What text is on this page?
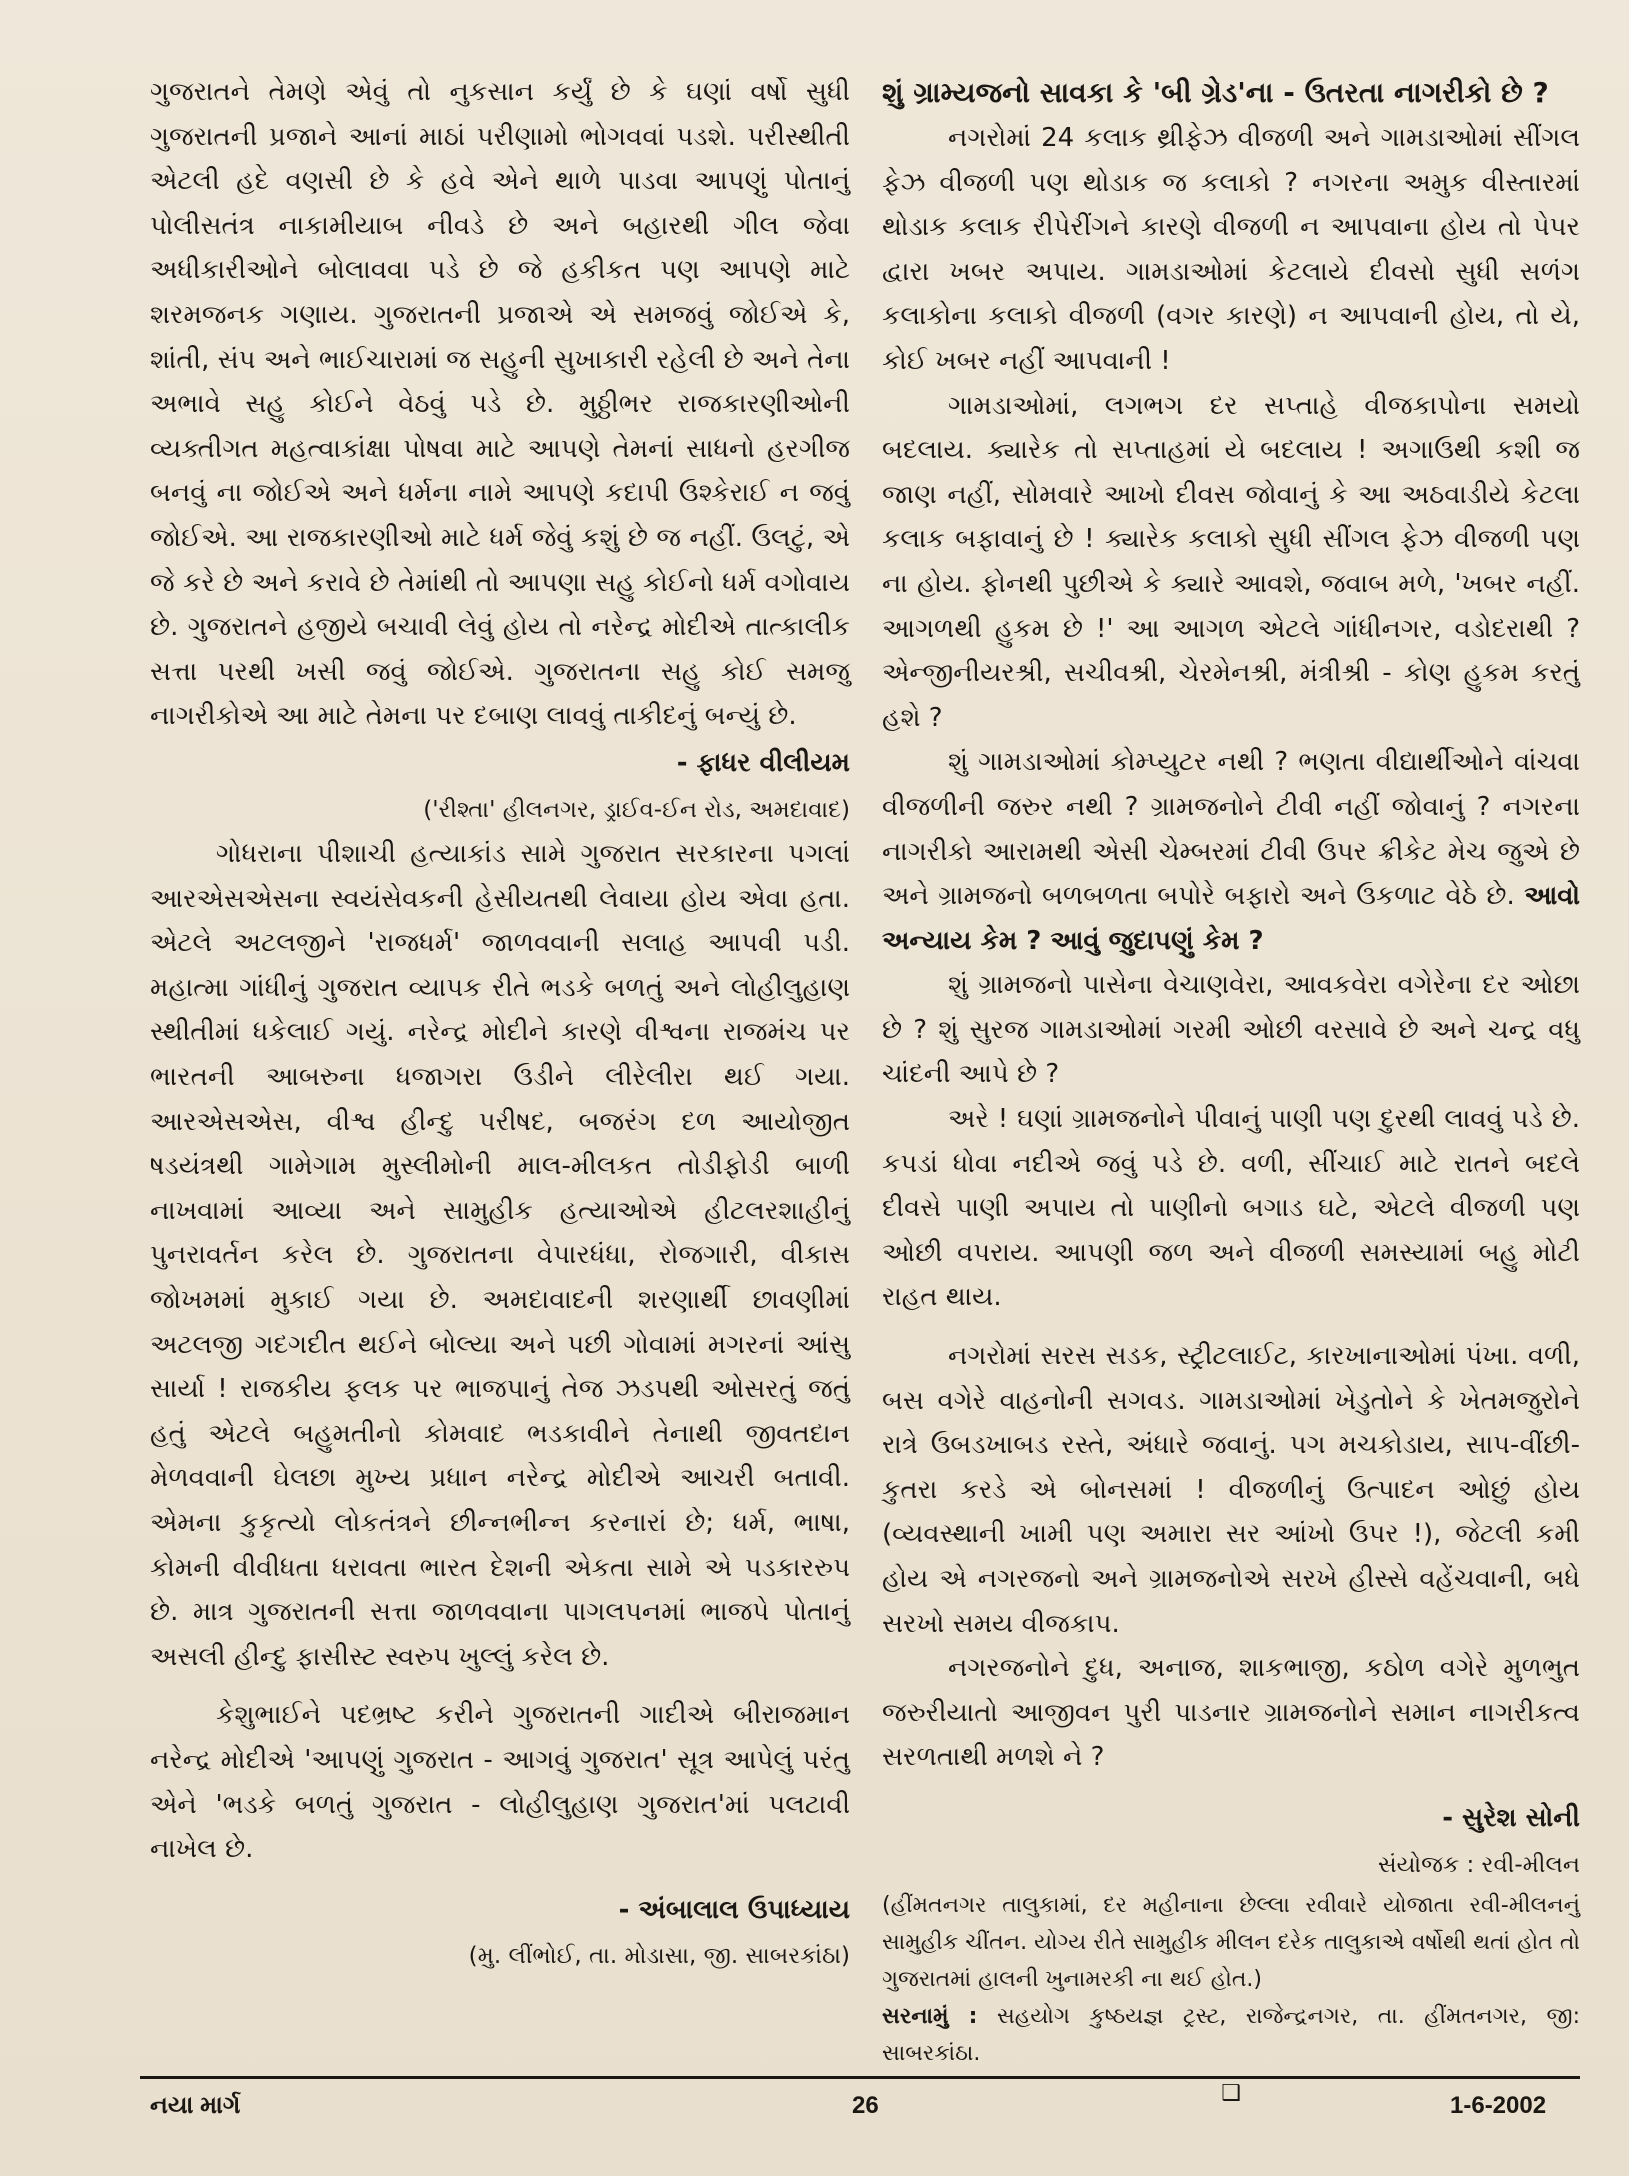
ગુજરાતને તેમણે એવું તો નુકસાન કર્યું છે કે ઘણાં વર્ષો સુધી ગુજરાતની પ્રજાને આનાં માઠાં પરીણામો ભોગવવાં પડશે. પરીસ્થીતી એટલી હદે વણસી છે કે હવે એને થાળે પાડવા આપણું પોતાનું પોલીસતંત્ર નાકામીયાબ નીવડે છે અને બહારથી ગીલ જેવા અધીકારીઓને બોલાવવા પડે છે જે હકીકત પણ આપણે માટે શરમજનક ગણાય. ગુજરાતની પ્રજાએ એ સમજવું જોઈએ કે, શાંતી, સંપ અને ભાઈચારામાં જ સહુની સુખાકારી રહેલી છે અને તેના અભાવે સહુ કોઈને વેઠવું પડે છે. મુઠ્ઠીભર રાજકારણીઓની વ્યક્તીગત મહત્વાકાંક્ષા પોષવા માટે આપણે તેમનાં સાધનો હરગીજ બનવું ના જોઈએ અને ધર્મના નામે આપણે કદાપી ઉશ્કેરાઈ ન જવું જોઈએ. આ રાજકારણીઓ માટે ધર્મ જેવું કશું છે જ નહીં. ઉલટું, એ જે કરે છે અને કરાવે છે તેમાંથી તો આપણા સહુ કોઈનો ધર્મ વગોવાય છે. ગુજરાતને હજીયે બચાવી લેવું હોય તો નરેન્દ્ર મોદીએ તાત્કાલીક સત્તા પરથી ખસી જવું જોઈએ. ગુજરાતના સહુ કોઈ સમજુ નાગરીકોએ આ માટે તેમના પર દબાણ લાવવું તાકીદનું બન્યું છે.

- ફાધર વીલીયમ
('રીશ્તા' હીલનગર, ડ્રાઈવ-ઈન રોડ, અમદાવાદ)

ગોધરાના પીશાચી હત્યાકાંડ સામે ગુજરાત સરકારના પગલાં આરએસએસના સ્વયંસેવકની હેસીયતથી લેવાયા હોય એવા હતા. એટલે અટલજીને 'રાજધર્મ' જાળવવાની સલાહ આપવી પડી. મહાત્મા ગાંધીનું ગુજરાત વ્યાપક રીતે ભડકે બળતું અને લોહીલુહાણ સ્થીતીમાં ધકેલાઈ ગયું. નરેન્દ્ર મોદીને કારણે વીશ્વના રાજમંચ પર ભારતની આબરુના ધજાગરા ઉડીને લીરેલીરા થઈ ગયા. આરએસએસ, વીશ્વ હીન્દુ પરીષદ, બજરંગ દળ આયોજીત ષડયંત્રથી ગામેગામ મુસ્લીમોની માલ-મીલકત તોડીફોડી બાળી નાખવામાં આવ્યા અને સામુહીક હત્યાઓએ હીટલરશાહીનું પુનરાવર્તન કરેલ છે. ગુજરાતના વેપારધંધા, રોજગારી, વીકાસ જોખમમાં મુકાઈ ગયા છે. અમદાવાદની શરણાર્થી છાવણીમાં અટલજી ગદગદીત થઈને બોલ્યા અને પછી ગોવામાં મગરનાં આંસુ સાર્યા ! રાજકીય ફલક પર ભાજપાનું તેજ ઝડપથી ઓસરતું જતું હતું એટલે બહુમતીનો કોમવાદ ભડકાવીને તેનાથી જીવતદાન મેળવવાની ઘેલછા મુખ્ય પ્રધાન નરેન્દ્ર મોદીએ આચરી બતાવી. એમના કુકૃત્યો લોકતંત્રને છીન્નભીન્ન કરનારાં છે; ધર્મ, ભાષા, કોમની વીવીધતા ધરાવતા ભારત દેશની એકતા સામે એ પડકારરુપ છે. માત્ર ગુજરાતની સત્તા જાળવવાના પાગલપનમાં ભાજપે પોતાનું અસલી હીન્દુ ફાસીસ્ટ સ્વરુપ ખુલ્લું કરેલ છે.

કેશુભાઈને પદભ્રષ્ટ કરીને ગુજરાતની ગાદીએ બીરાજમાન નરેન્દ્ર મોદીએ 'આપણું ગુજરાત - આગવું ગુજરાત' સૂત્ર આપેલું પરંતુ એને 'ભડકે બળતું ગુજરાત - લોહીલુહાણ ગુજરાત'માં પલટાવી નાખેલ છે.

- અંબાલાલ ઉપાધ્યાય
(મુ. લીંભોઈ, તા. મોડાસા, જી. સાબરકાંઠા)
શું ગ્રામ્યજનો સાવકા કે 'બી ગ્રેડ'ના - ઉતરતા નાગરીકો છે ?

નગરોમાં 24 કલાક થ્રીફેઝ વીજળી અને ગામડાઓમાં સીંગલ ફેઝ વીજળી પણ થોડાક જ કલાકો ? નગરના અમુક વીસ્તારમાં થોડાક કલાક રીપેરીંગને કારણે વીજળી ન આપવાના હોય તો પેપર દ્વારા ખબર અપાય. ગામડાઓમાં કેટલાયે દીવસો સુધી સળંગ કલાકોના કલાકો વીજળી (વગર કારણે) ન આપવાની હોય, તો યે, કોઈ ખબર નહીં આપવાની !

ગામડાઓમાં, લગભગ દર સપ્તાહે વીજકાપોના સમયો બદલાય. ક્યારેક તો સપ્તાહમાં યે બદલાય ! અગાઉથી કશી જ જાણ નહીં, સોમવારે આખો દીવસ જોવાનું કે આ અઠવાડીયે કેટલા કલાક બફાવાનું છે ! ક્યારેક કલાકો સુધી સીંગલ ફેઝ વીજળી પણ ના હોય. ફોનથી પુછીએ કે ક્યારે આવશે, જવાબ મળે, 'ખબર નહીં. આગળથી હુકમ છે !' આ આગળ એટલે ગાંધીનગર, વડોદરાથી ? એન્જીનીયરશ્રી, સચીવશ્રી, ચેરમેનશ્રી, મંત્રીશ્રી - કોણ હુકમ કરતું હશે ?

શું ગામડાઓમાં કોમ્પ્યુટર નથી ? ભણતા વીદ્યાર્થીઓને વાંચવા વીજળીની જરુર નથી ? ગ્રામજનોને ટીવી નહીં જોવાનું ? નગરના નાગરીકો આરામથી એસી ચેમ્બરમાં ટીવી ઉપર ક્રીકેટ મેચ જુએ છે અને ગ્રામજનો બળબળતા બપોરે બફારો અને ઉકળાટ વેઠે છે. આવો અન્યાય કેમ ? આવું જુદાપણું કેમ ?

શું ગ્રામજનો પાસેના વેચાણવેરા, આવકવેરા વગેરેના દર ઓછા છે ? શું સુરજ ગામડાઓમાં ગરમી ઓછી વરસાવે છે અને ચન્દ્ર વધુ ચાંદની આપે છે ?

અરે ! ઘણાં ગ્રામજનોને પીવાનું પાણી પણ દુરથી લાવવું પડે છે. કપડાં ધોવા નદીએ જવું પડે છે. વળી, સીંચાઈ માટે રાતને બદલે દીવસે પાણી અપાય તો પાણીનો બગાડ ઘટે, એટલે વીજળી પણ ઓછી વપરાય. આપણી જળ અને વીજળી સમસ્યામાં બહુ મોટી રાહત થાય.

નગરોમાં સરસ સડક, સ્ટ્રીટલાઈટ, કારખાનાઓમાં પંખા. વળી, બસ વગેરે વાહનોની સગવડ. ગામડાઓમાં ખેડુતોને કે ખેતમજુરોને રાત્રે ઉબડખાબડ રસ્તે, અંધારે જવાનું. પગ મચકોડાય, સાપ-વીંછી-કુતરા કરડે એ બોનસમાં ! વીજળીનું ઉત્પાદન ઓછું હોય (વ્યવસ્થાની ખામી પણ અમારા સર આંખો ઉપર !), જેટલી કમી હોય એ નગરજનો અને ગ્રામજનોએ સરખે હીસ્સે વહેંચવાની, બધે સરખો સમય વીજકાપ.

નગરજનોને દુધ, અનાજ, શાકભાજી, કઠોળ વગેરે મુળભુત જરુરીયાતો આજીવન પુરી પાડનાર ગ્રામજનોને સમાન નાગરીકત્વ સરળતાથી મળશે ને ?

- સુરેશ સોની
સંયોજક : રવી-મીલન
(હીંમતનગર તાલુકામાં, દર મહીનાના છેલ્લા રવીવારે યોજાતા રવી-મીલનનું સામુહીક ચીંતન. યોગ્ય રીતે સામુહીક મીલન દરેક તાલુકાએ વર્ષોથી થતાં હોત તો ગુજરાતમાં હાલની ખુનામરકી ના થઈ હોત.)
સરનામું : સહયોગ કુષ્ઠયજ્ઞ ટ્રસ્ટ, રાજેન્દ્રનગર, તા. હીંમતનગર, જી: સાબરકાંઠા.
❑
નયા માર્ગ	26	1-6-2002
